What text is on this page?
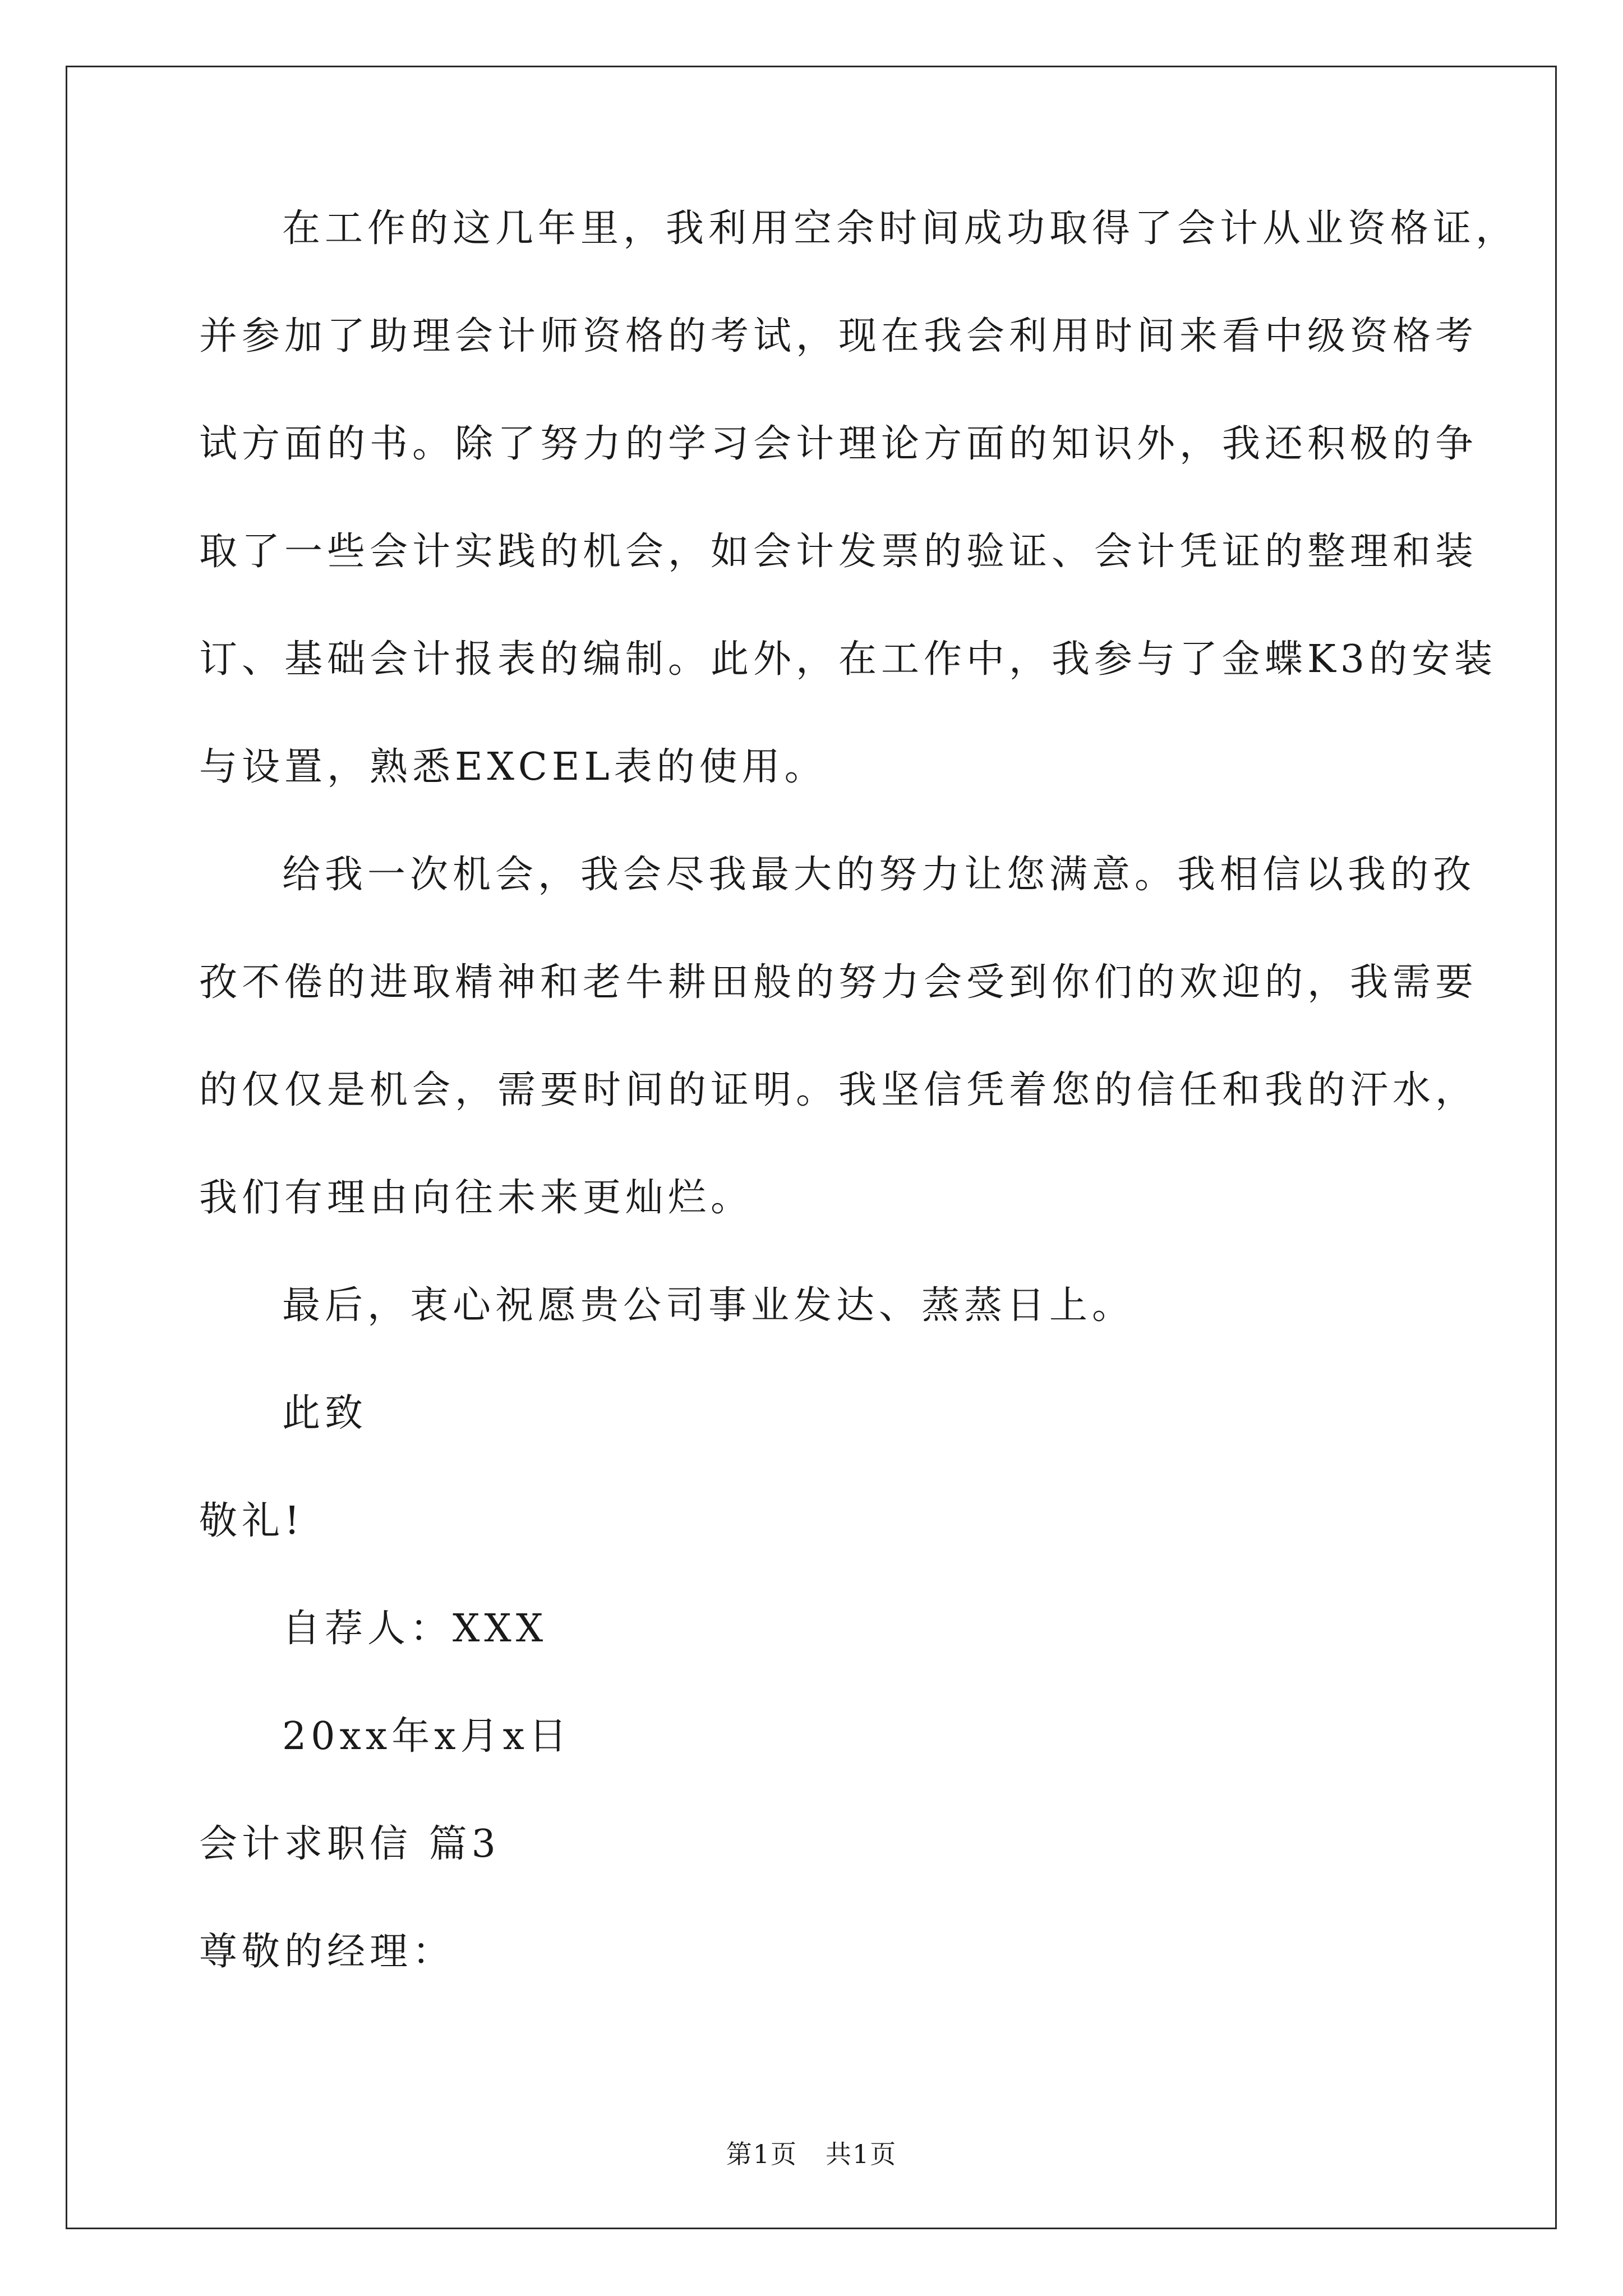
在工作的这几年里，我利用空余时间成功取得了会计从业资格证，
并参加了助理会计师资格的考试，现在我会利用时间来看中级资格考
试方面的书。除了努力的学习会计理论方面的知识外，我还积极的争
取了一些会计实践的机会，如会计发票的验证、会计凭证的整理和装
订、基础会计报表的编制。此外，在工作中，我参与了金蝶K3的安装
与设置，熟悉EXCEL表的使用。
给我一次机会，我会尽我最大的努力让您满意。我相信以我的孜
孜不倦的进取精神和老牛耕田般的努力会受到你们的欢迎的，我需要
的仅仅是机会，需要时间的证明。我坚信凭着您的信任和我的汗水，
我们有理由向往未来更灿烂。
最后，衷心祝愿贵公司事业发达、蒸蒸日上。
此致
敬礼!
自荐人：XXX
20xx年x月x日
会计求职信 篇3
尊敬的经理：
第1页 共1页
